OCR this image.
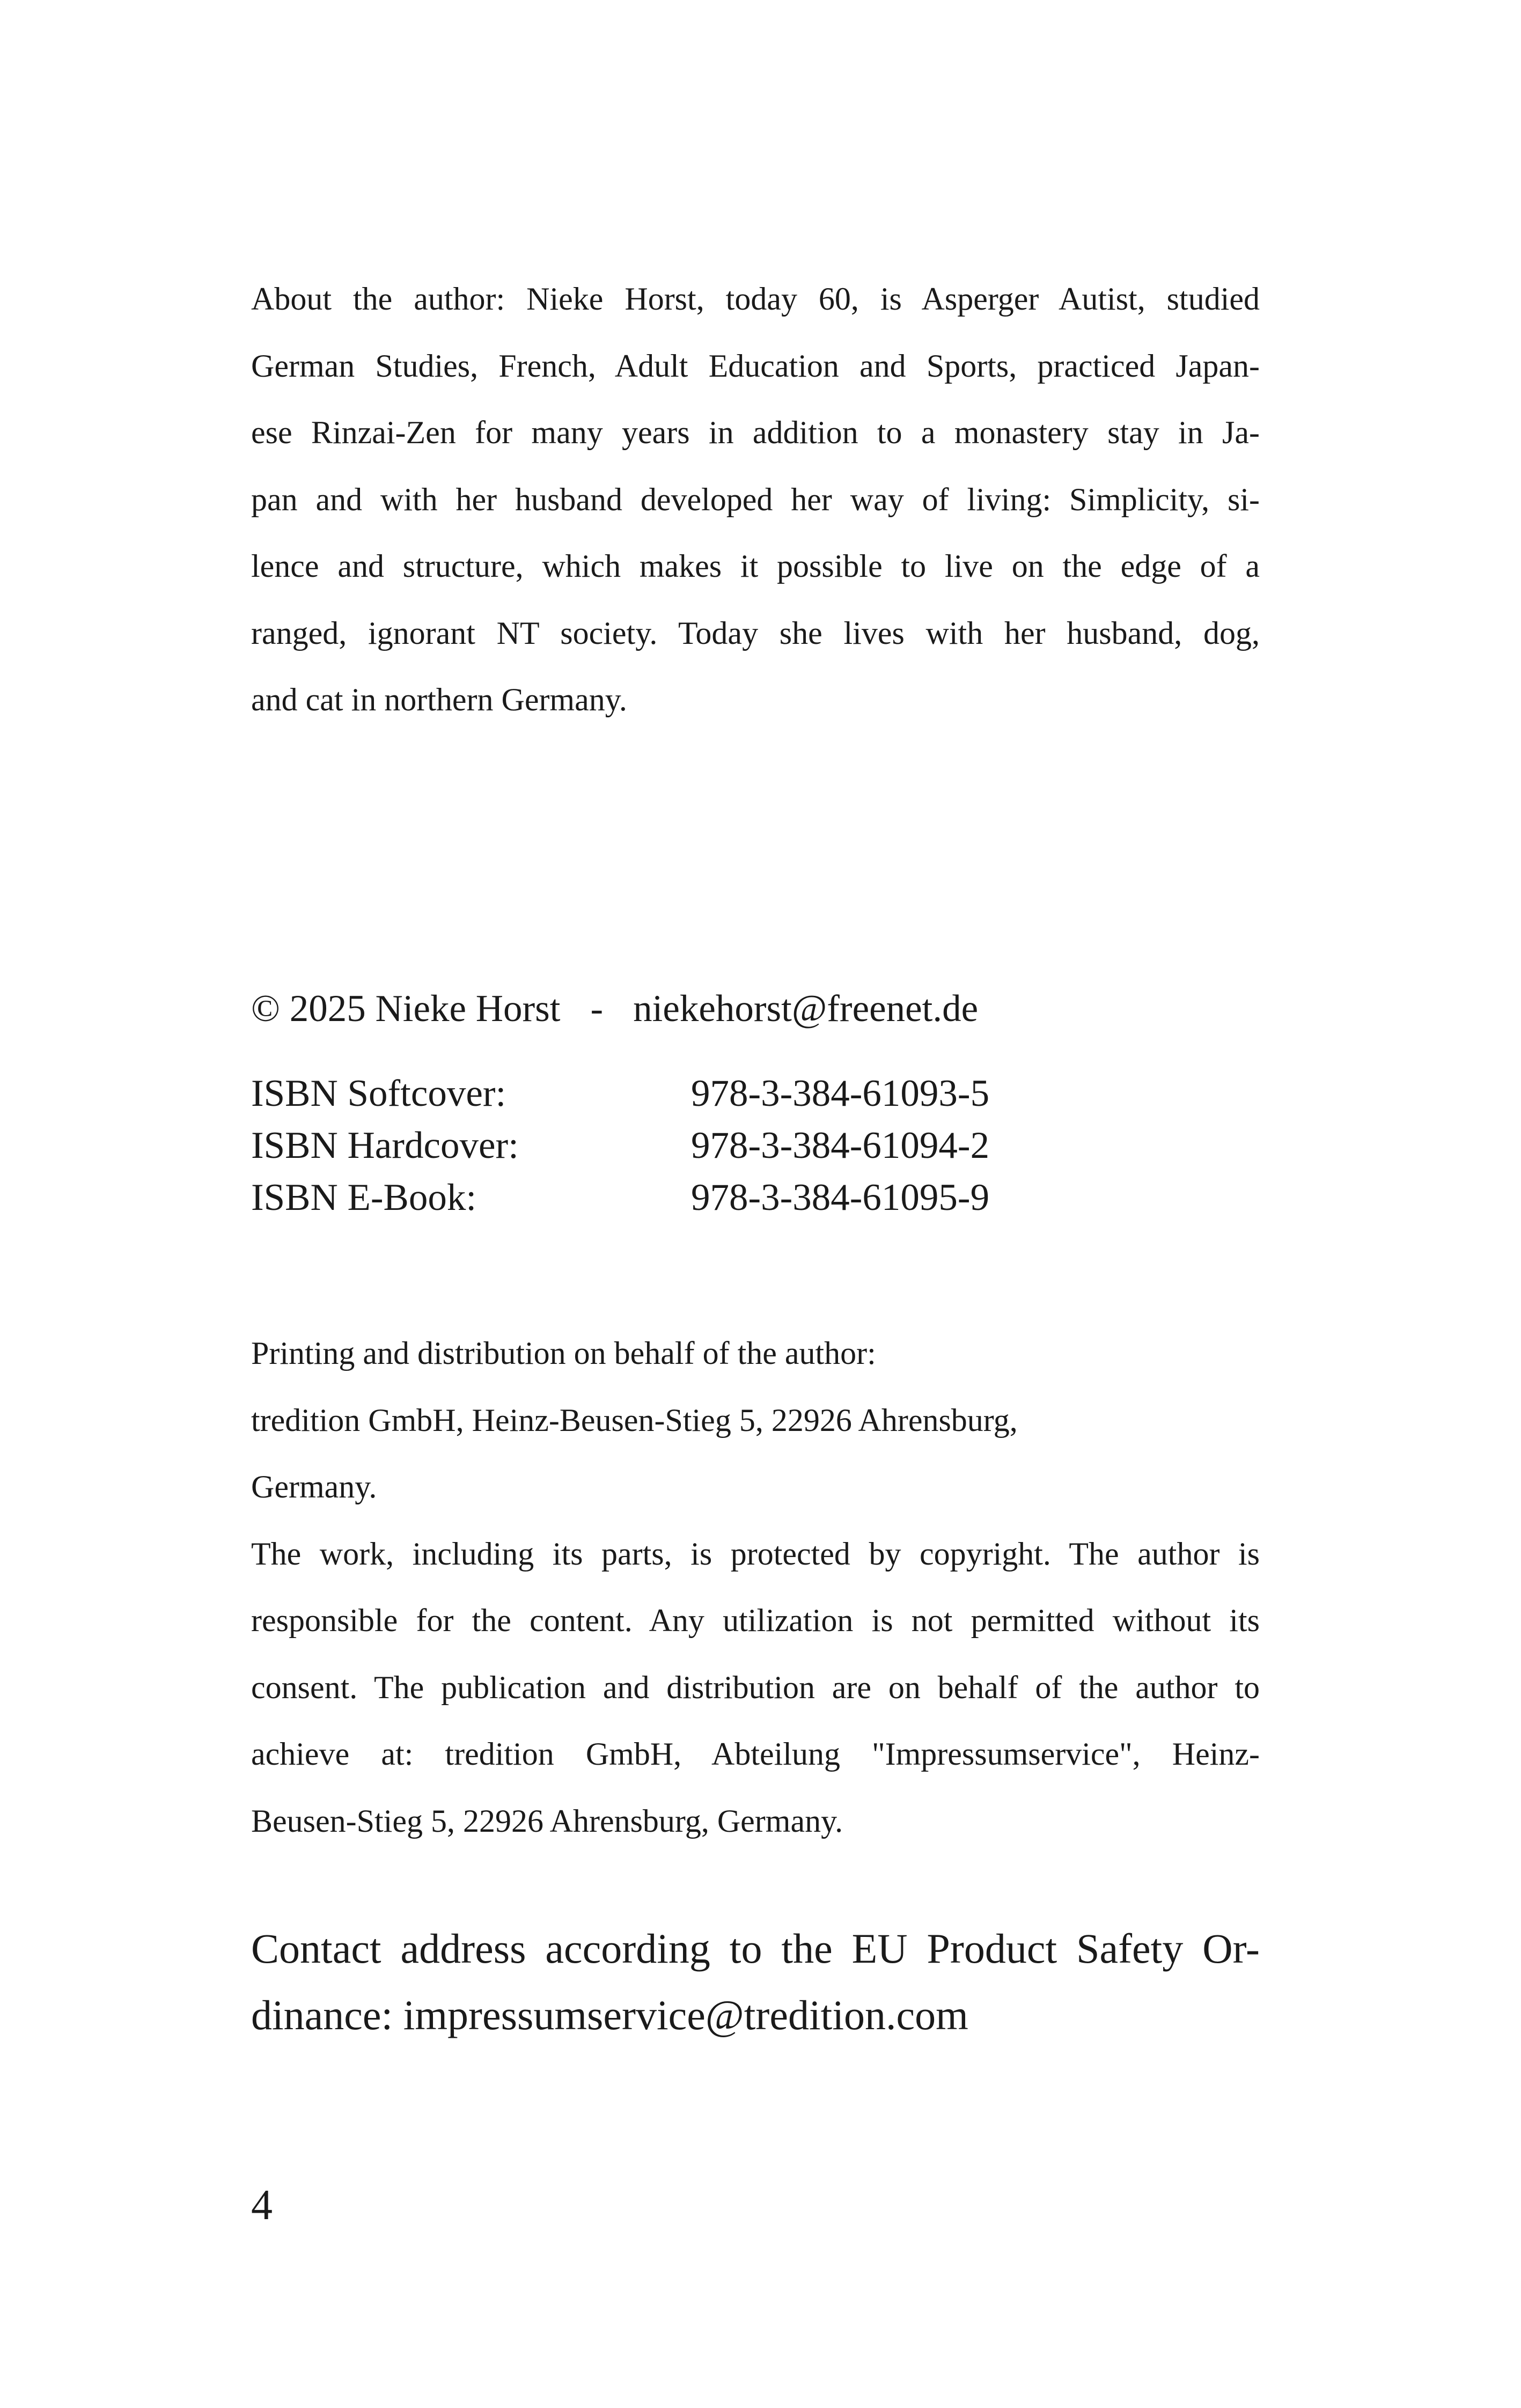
About the author: Nieke Horst, today 60, is Asperger Autist, studied
German Studies, French, Adult Education and Sports, practiced Japan-
ese Rinzai-Zen for many years in addition to a monastery stay in Ja-
pan and with her husband developed her way of living: Simplicity, si-
lence and structure, which makes it possible to live on the edge of a
ranged, ignorant NT society. Today she lives with her husband, dog,
and cat in northern Germany.
© 2025 Nieke Horst - niekehorst@freenet.de
ISBN Softcover:	978-3-384-61093-5
ISBN Hardcover:	978-3-384-61094-2
ISBN E-Book:	978-3-384-61095-9
Printing and distribution on behalf of the author:
tredition GmbH, Heinz-Beusen-Stieg 5, 22926 Ahrensburg,
Germany.
The work, including its parts, is protected by copyright. The author is
responsible for the content. Any utilization is not permitted without its
consent. The publication and distribution are on behalf of the author to
achieve at: tredition GmbH, Abteilung "Impressumservice", Heinz-
Beusen-Stieg 5, 22926 Ahrensburg, Germany.
Contact address according to the EU Product Safety Or-
dinance: impressumservice@tredition.com
4
